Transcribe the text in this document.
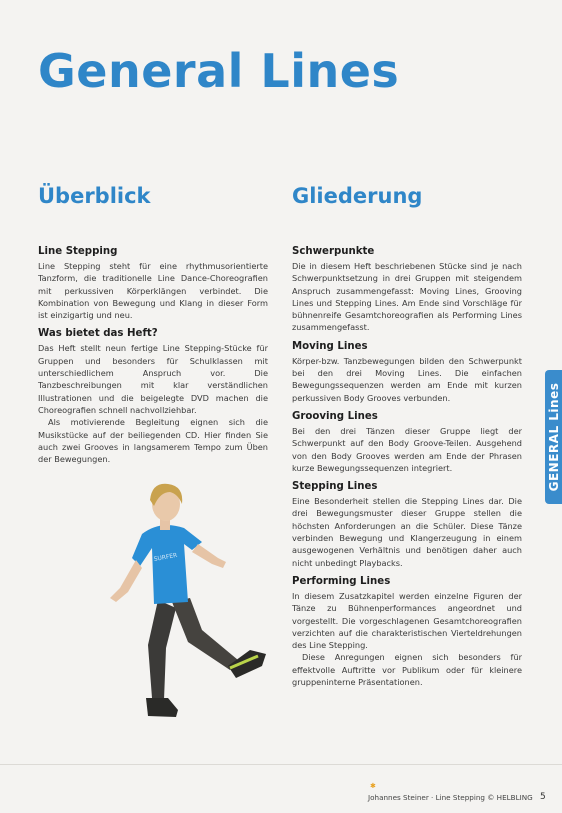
General Lines
Überblick	Gliederung

Line Stepping

Line Stepping steht für eine rhythmusorientierte Tanzform, die traditionelle Line Dance-Choreografien mit perkussiven Körperklängen verbindet. Die Kombination von Bewegung und Klang in dieser Form ist einzigartig und neu.

Was bietet das Heft?

Das Heft stellt neun fertige Line Stepping-Stücke für Gruppen und besonders für Schulklassen mit unterschiedlichem Anspruch vor. Die Tanzbeschreibungen mit klar verständlichen Illustrationen und die beigelegte DVD machen die Choreografien schnell nachvollziehbar.

Als motivierende Begleitung eignen sich die Musikstücke auf der beiliegenden CD. Hier finden Sie auch zwei Grooves in langsamerem Tempo zum Üben der Bewegungen.

Schwerpunkte

Die in diesem Heft beschriebenen Stücke sind je nach Schwerpunktsetzung in drei Gruppen mit steigendem Anspruch zusammengefasst: Moving Lines, Grooving Lines und Stepping Lines. Am Ende sind Vorschläge für bühnenreife Gesamtchoreografien als Performing Lines zusammengefasst.

Moving Lines

Körper-bzw. Tanzbewegungen bilden den Schwerpunkt bei den drei Moving Lines. Die einfachen Bewegungssequenzen werden am Ende mit kurzen perkussiven Body Grooves verbunden.

Grooving Lines

Bei den drei Tänzen dieser Gruppe liegt der Schwerpunkt auf den Body Groove-Teilen. Ausgehend von den Body Grooves werden am Ende der Phrasen kurze Bewegungssequenzen integriert.

Stepping Lines

Eine Besonderheit stellen die Stepping Lines dar. Die drei Bewegungsmuster dieser Gruppe stellen die höchsten Anforderungen an die Schüler. Diese Tänze verbinden Bewegung und Klangerzeugung in einem ausgewogenen Verhältnis und benötigen daher auch nicht unbedingt Playbacks.

Performing Lines

In diesem Zusatzkapitel werden einzelne Figuren der Tänze zu Bühnenperformances angeordnet und vorgestellt. Die vorgeschlagenen Gesamtchoreografien verzichten auf die charakteristischen Vierteldrehungen des Line Stepping.

Diese Anregungen eignen sich besonders für effektvolle Auftritte vor Publikum oder für kleinere gruppeninterne Präsentationen.

GENERAL Lines
SURFER
✱
Johannes Steiner · Line Stepping © HELBLING 5
